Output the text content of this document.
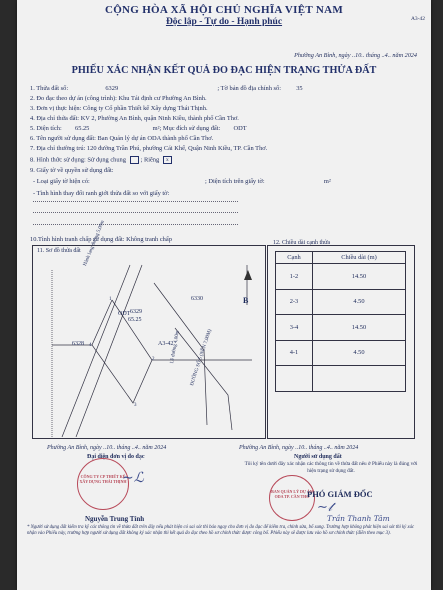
CỘNG HÒA XÃ HỘI CHỦ NGHĨA VIỆT NAM
Độc lập - Tự do - Hạnh phúc	A3-42
Phường An Bình, ngày ..10.. tháng ..4.. năm 2024
PHIẾU XÁC NHẬN KẾT QUẢ ĐO ĐẠC HIỆN TRẠNG THỬA ĐẤT
1. Thửa đất số:	6329	; Tờ bản đồ địa chính số: 35
2. Đo đạc theo dự án (công trình): Khu Tái định cư Phường An Bình.
3. Đơn vị thực hiện: Công ty Cổ phần Thiết kế Xây dựng Thái Thịnh.
4. Địa chỉ thửa đất: KV 2, Phường An Bình, quận Ninh Kiều, thành phố Cần Thơ.
5. Diện tích: 65.25	m²; Mục đích sử dụng đất: ODT
6. Tên người sử dụng đất: Ban Quản lý dự án ODA thành phố Cần Thơ.
7. Địa chỉ thường trú: 120 đường Trần Phú, phường Cái Khế, Quận Ninh Kiều, TP. Cần Thơ.
8. Hình thức sử dụng: Sử dụng chung ; Riêng x
9. Giấy tờ về quyền sử dụng đất:
- Loại giấy tờ hiện có:	; Diện tích trên giấy tờ:	m²
- Tình hình thay đổi ranh giới thửa đất so với giấy tờ:
10.Tình hình tranh chấp sử dụng đất: Không tranh chấp
11. Sơ đồ thửa đất
B
Hành lang đường 5,00m
ODT 6329
65.25
6330
6328	A3-42
Lề đường 4,00m ĐƯỜNG SỐ 5 (NỀN 7,00M)
1
2
3
4
12. Chiều dài cạnh thửa
Cạnh	Chiều dài (m)
1-2	14.50
2-3	4.50
3-4	14.50
4-1	4.50

Phường An Bình, ngày ..10.. tháng ..4.. năm 2024
Đại diện đơn vị đo đạc
CÔNG TY CP THIẾT KẾ XÂY DỰNG THÁI THỊNH
∼ℒ
Nguyễn Trung Tính
Phường An Bình, ngày ..10.. tháng ..4.. năm 2024
Người sử dụng đất
Tôi ký tên dưới đây xác nhận các thông tin về thửa đất nêu ở Phiếu này là đúng với hiện trạng sử dụng đất.
BAN QUẢN LÝ DỰ ÁN ODA TP. CẦN THƠ
PHÓ GIÁM ĐỐC
∼𝓉
Trần Thanh Tâm
* Người sử dụng đất kiểm tra kỹ các thông tin về thửa đất trên đây nếu phát hiện có sai sót thì báo ngay cho đơn vị đo đạc để kiểm tra, chỉnh sửa, bổ sung. Trường hợp không phát hiện sai sót thì ký xác nhận vào Phiếu này, trường hợp người sử dụng đất không ký xác nhận thì kết quả đo đạc theo hồ sơ chính thức được công bố. Phiếu này sẽ được lưu vào hồ sơ chính thức (điền theo mục 3).
